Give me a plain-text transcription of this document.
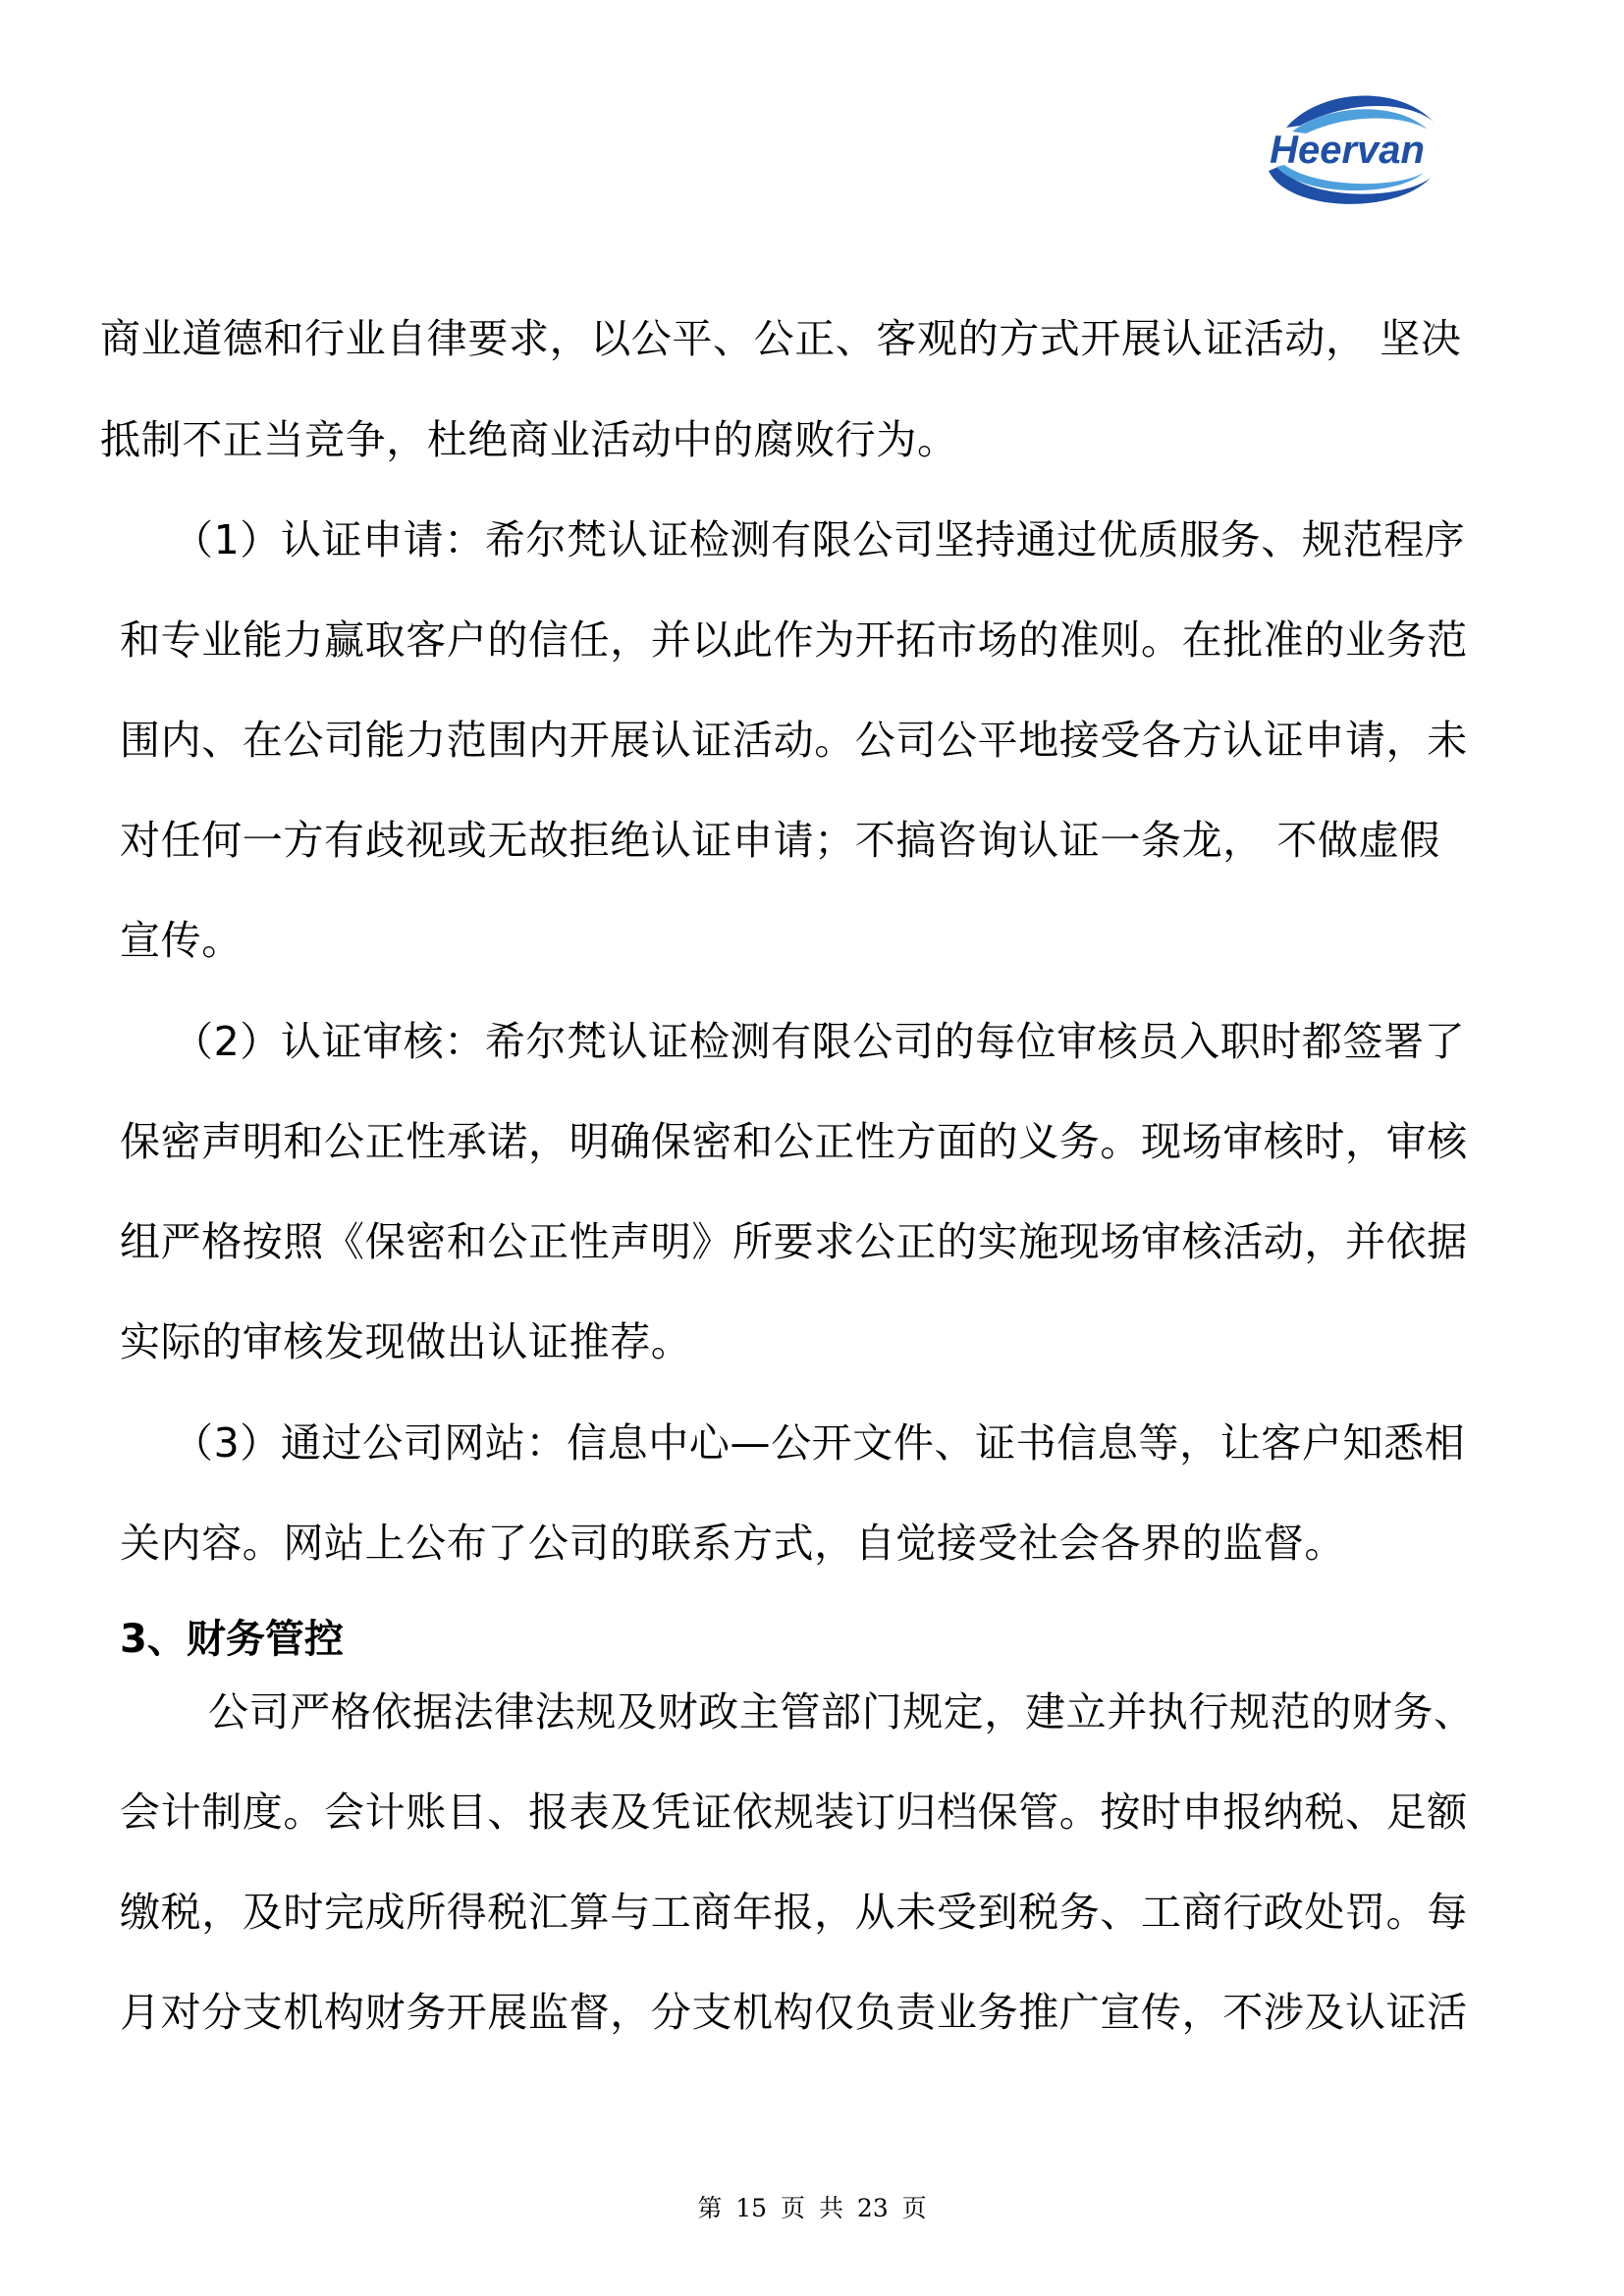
Heervan
商业道德和行业自律要求，以公平、公正、客观的方式开展认证活动， 坚决
抵制不正当竞争，杜绝商业活动中的腐败行为。
（1）认证申请：希尔梵认证检测有限公司坚持通过优质服务、规范程序
和专业能力赢取客户的信任，并以此作为开拓市场的准则。在批准的业务范
围内、在公司能力范围内开展认证活动。公司公平地接受各方认证申请，未
对任何一方有歧视或无故拒绝认证申请；不搞咨询认证一条龙， 不做虚假
宣传。
（2）认证审核：希尔梵认证检测有限公司的每位审核员入职时都签署了
保密声明和公正性承诺，明确保密和公正性方面的义务。现场审核时，审核
组严格按照《保密和公正性声明》所要求公正的实施现场审核活动，并依据
实际的审核发现做出认证推荐。
（3）通过公司网站：信息中心—公开文件、证书信息等，让客户知悉相
关内容。网站上公布了公司的联系方式，自觉接受社会各界的监督。
3、财务管控
公司严格依据法律法规及财政主管部门规定，建立并执行规范的财务、
会计制度。会计账目、报表及凭证依规装订归档保管。按时申报纳税、足额
缴税，及时完成所得税汇算与工商年报，从未受到税务、工商行政处罚。每
月对分支机构财务开展监督，分支机构仅负责业务推广宣传，不涉及认证活
第 15 页 共 23 页
